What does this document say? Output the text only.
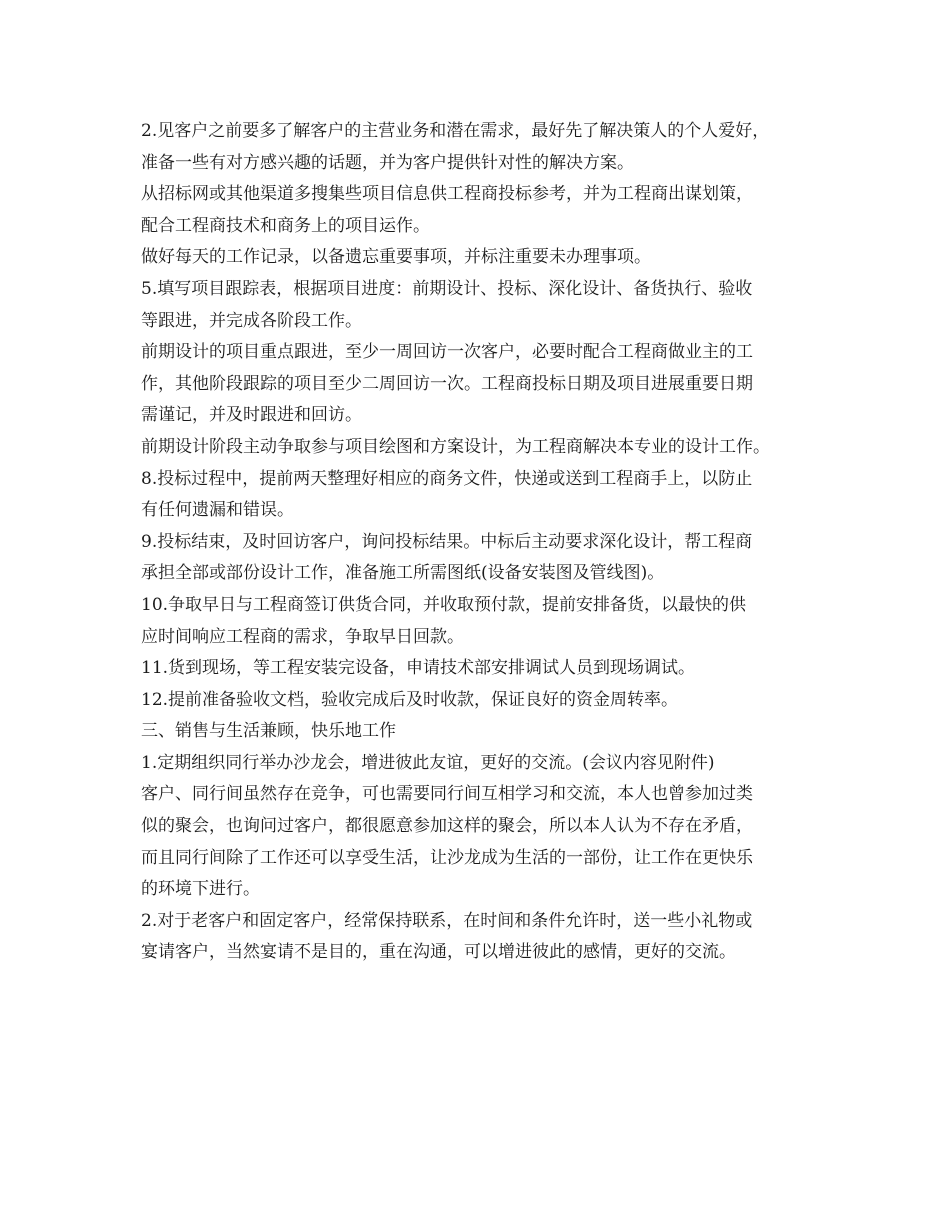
2.见客户之前要多了解客户的主营业务和潜在需求，最好先了解决策人的个人爱好，
准备一些有对方感兴趣的话题，并为客户提供针对性的解决方案。
从招标网或其他渠道多搜集些项目信息供工程商投标参考，并为工程商出谋划策，
配合工程商技术和商务上的项目运作。
做好每天的工作记录，以备遗忘重要事项，并标注重要未办理事项。
5.填写项目跟踪表，根据项目进度：前期设计、投标、深化设计、备货执行、验收
等跟进，并完成各阶段工作。
前期设计的项目重点跟进，至少一周回访一次客户，必要时配合工程商做业主的工
作，其他阶段跟踪的项目至少二周回访一次。工程商投标日期及项目进展重要日期
需谨记，并及时跟进和回访。
前期设计阶段主动争取参与项目绘图和方案设计，为工程商解决本专业的设计工作。
8.投标过程中，提前两天整理好相应的商务文件，快递或送到工程商手上，以防止
有任何遗漏和错误。
9.投标结束，及时回访客户，询问投标结果。中标后主动要求深化设计，帮工程商
承担全部或部份设计工作，准备施工所需图纸(设备安装图及管线图)。
10.争取早日与工程商签订供货合同，并收取预付款，提前安排备货，以最快的供
应时间响应工程商的需求，争取早日回款。
11.货到现场，等工程安装完设备，申请技术部安排调试人员到现场调试。
12.提前准备验收文档，验收完成后及时收款，保证良好的资金周转率。
三、销售与生活兼顾，快乐地工作
1.定期组织同行举办沙龙会，增进彼此友谊，更好的交流。(会议内容见附件)
客户、同行间虽然存在竞争，可也需要同行间互相学习和交流，本人也曾参加过类
似的聚会，也询问过客户，都很愿意参加这样的聚会，所以本人认为不存在矛盾，
而且同行间除了工作还可以享受生活，让沙龙成为生活的一部份，让工作在更快乐
的环境下进行。
2.对于老客户和固定客户，经常保持联系，在时间和条件允许时，送一些小礼物或
宴请客户，当然宴请不是目的，重在沟通，可以增进彼此的感情，更好的交流。
